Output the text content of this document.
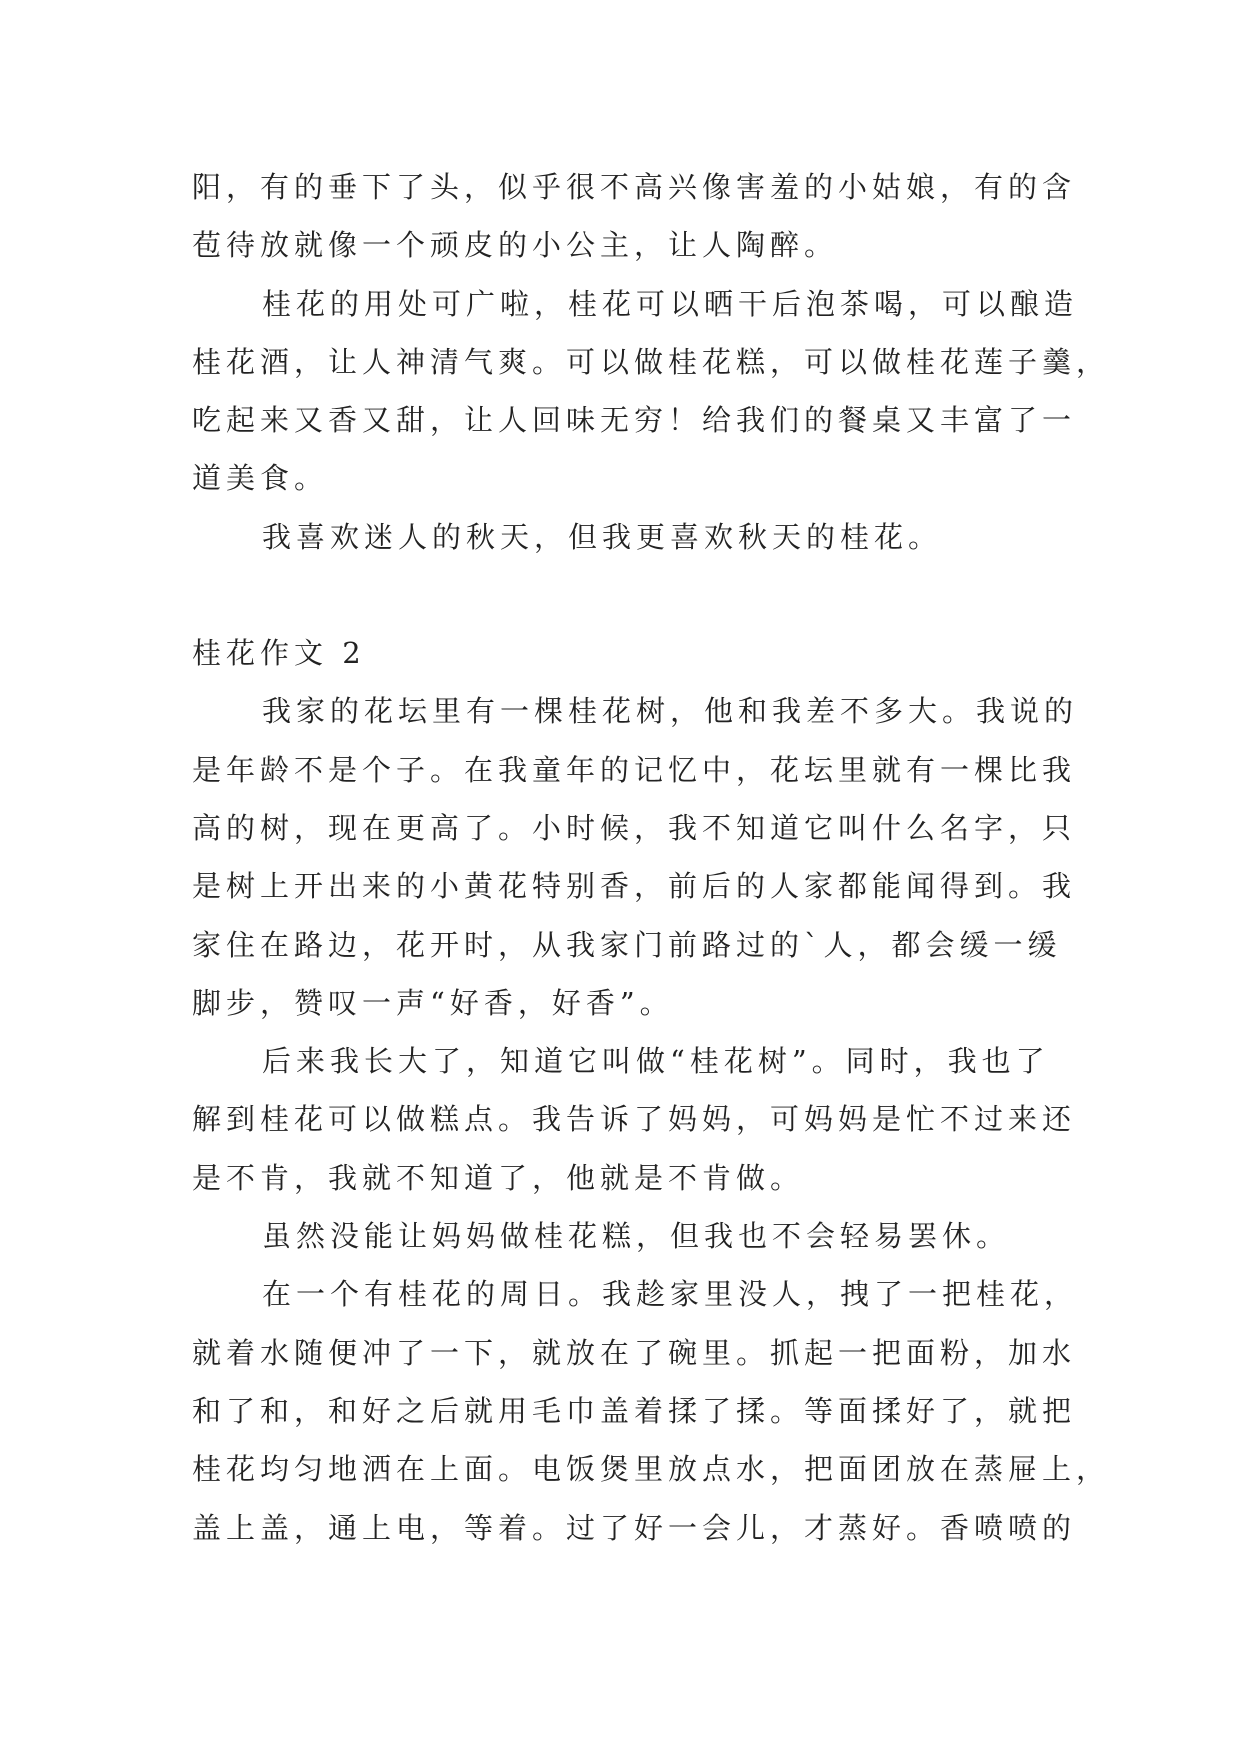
阳，有的垂下了头，似乎很不高兴像害羞的小姑娘，有的含
苞待放就像一个顽皮的小公主，让人陶醉。
桂花的用处可广啦，桂花可以晒干后泡茶喝，可以酿造
桂花酒，让人神清气爽。可以做桂花糕，可以做桂花莲子羹，
吃起来又香又甜，让人回味无穷！给我们的餐桌又丰富了一
道美食。
我喜欢迷人的秋天，但我更喜欢秋天的桂花。
桂花作文 2
我家的花坛里有一棵桂花树，他和我差不多大。我说的
是年龄不是个子。在我童年的记忆中，花坛里就有一棵比我
高的树，现在更高了。小时候，我不知道它叫什么名字，只
是树上开出来的小黄花特别香，前后的人家都能闻得到。我
家住在路边，花开时，从我家门前路过的`人，都会缓一缓
脚步，赞叹一声“好香，好香”。
后来我长大了，知道它叫做“桂花树”。同时，我也了
解到桂花可以做糕点。我告诉了妈妈，可妈妈是忙不过来还
是不肯，我就不知道了，他就是不肯做。
虽然没能让妈妈做桂花糕，但我也不会轻易罢休。
在一个有桂花的周日。我趁家里没人，拽了一把桂花，
就着水随便冲了一下，就放在了碗里。抓起一把面粉，加水
和了和，和好之后就用毛巾盖着揉了揉。等面揉好了，就把
桂花均匀地洒在上面。电饭煲里放点水，把面团放在蒸屉上，
盖上盖，通上电，等着。过了好一会儿，才蒸好。香喷喷的
